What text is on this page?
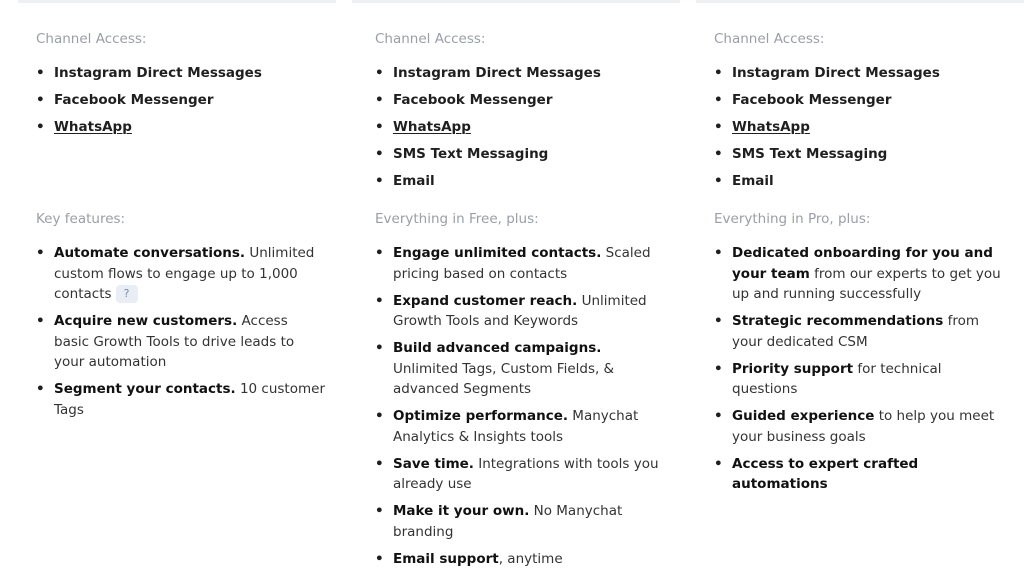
Channel Access:
• Instagram Direct Messages
• Facebook Messenger
• WhatsApp
Key features:
• Automate conversations. Unlimited custom flows to engage up to 1,000 contacts ?
• Acquire new customers. Access basic Growth Tools to drive leads to your automation
• Segment your contacts. 10 customer Tags
Channel Access:
• Instagram Direct Messages
• Facebook Messenger
• WhatsApp
• SMS Text Messaging
• Email
Everything in Free, plus:
• Engage unlimited contacts. Scaled pricing based on contacts
• Expand customer reach. Unlimited Growth Tools and Keywords
• Build advanced campaigns. Unlimited Tags, Custom Fields, & advanced Segments
• Optimize performance. Manychat Analytics & Insights tools
• Save time. Integrations with tools you already use
• Make it your own. No Manychat branding
• Email support, anytime
Channel Access:
• Instagram Direct Messages
• Facebook Messenger
• WhatsApp
• SMS Text Messaging
• Email
Everything in Pro, plus:
• Dedicated onboarding for you and your team from our experts to get you up and running successfully
• Strategic recommendations from your dedicated CSM
• Priority support for technical questions
• Guided experience to help you meet your business goals
• Access to expert crafted automations
